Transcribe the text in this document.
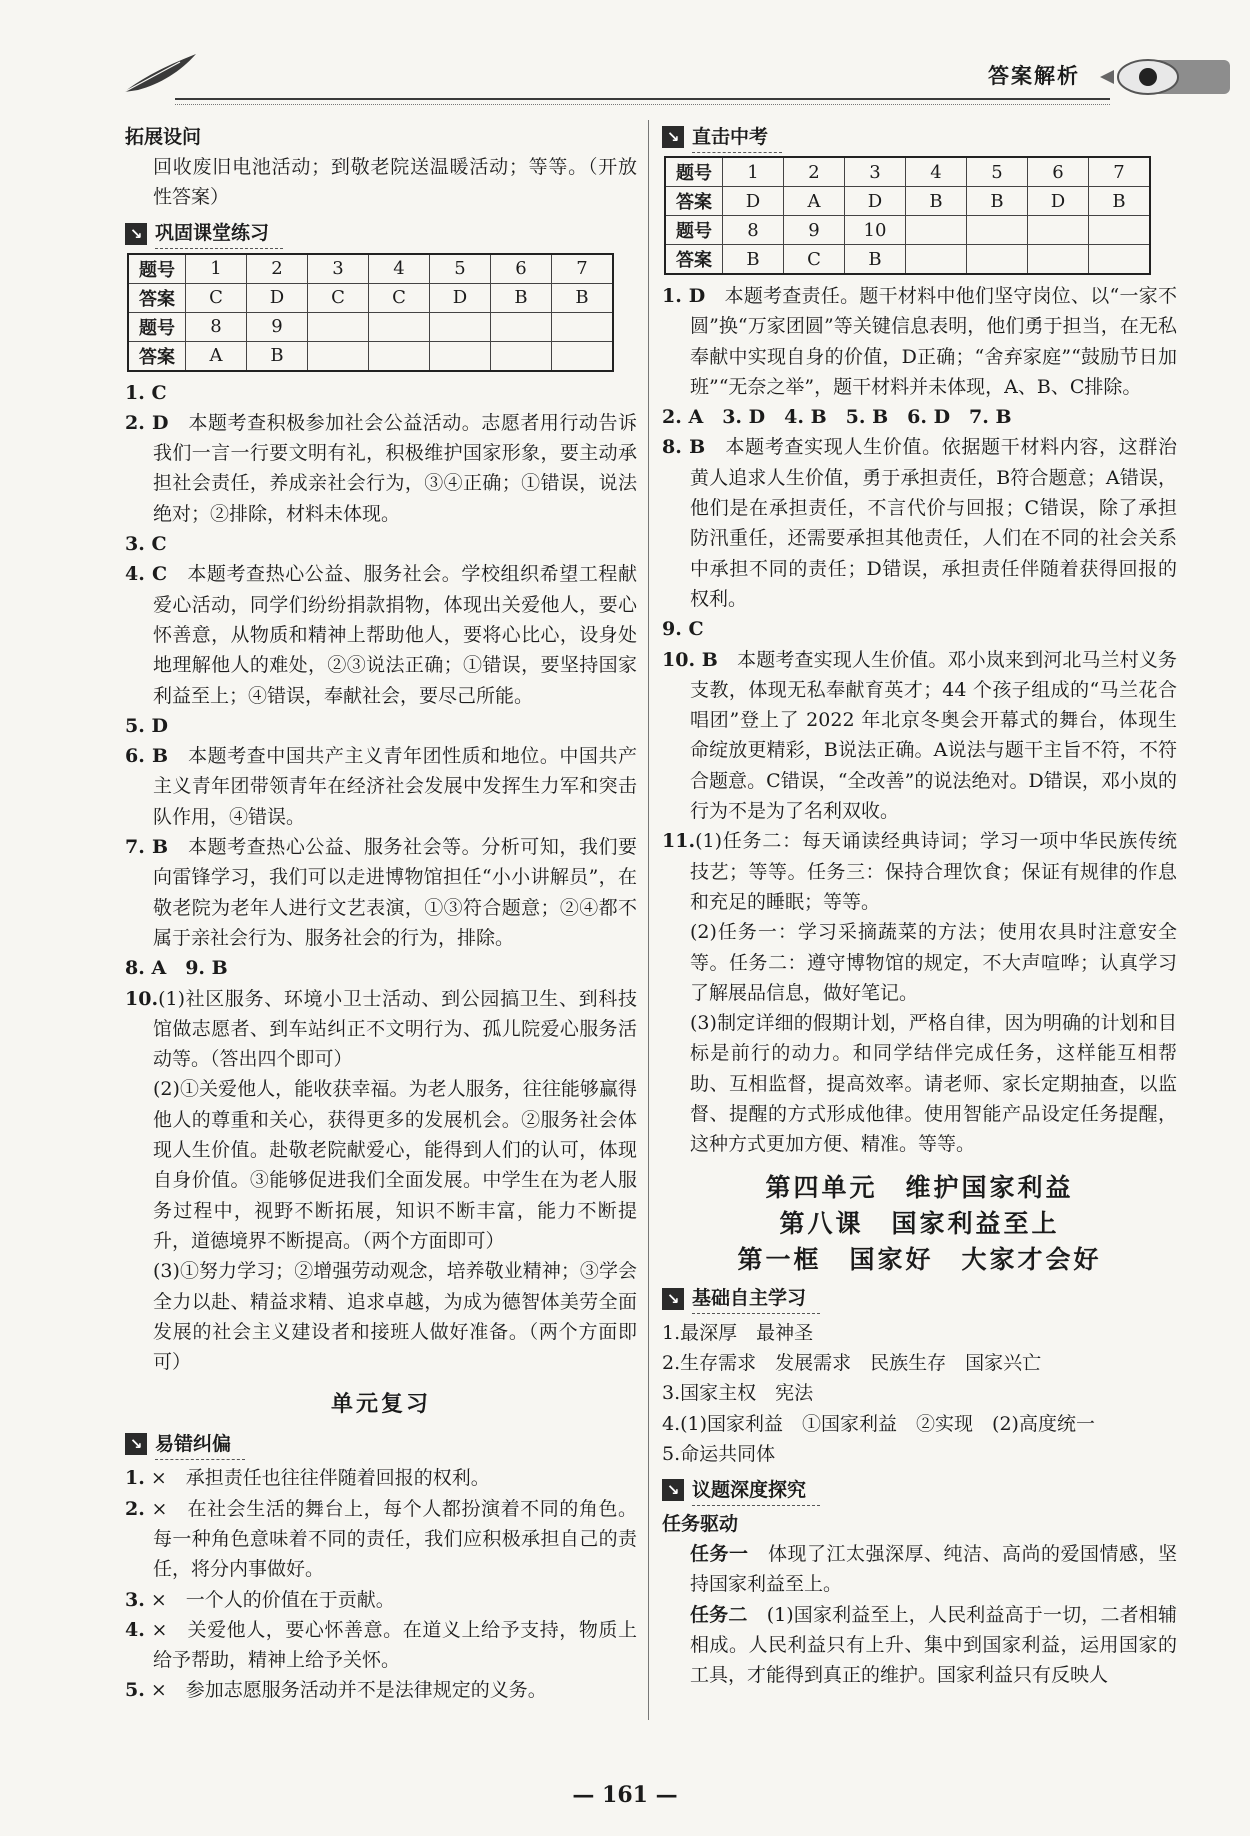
答案解析
拓展设问

回收废旧电池活动；到敬老院送温暖活动；等等。（开放性答案）

↘ 巩固课堂练习
题号	1	2	3	4	5	6	7
答案	C	D	C	C	D	B	B
题号	8	9					
答案	A	B					

1. C

2. D　 本题考查积极参加社会公益活动。志愿者用行动告诉我们一言一行要文明有礼，积极维护国家形象，要主动承担社会责任，养成亲社会行为，③④正确；①错误，说法绝对；②排除，材料未体现。

3. C

4. C　 本题考查热心公益、服务社会。学校组织希望工程献爱心活动，同学们纷纷捐款捐物，体现出关爱他人，要心怀善意，从物质和精神上帮助他人，要将心比心，设身处地理解他人的难处，②③说法正确；①错误，要坚持国家利益至上；④错误，奉献社会，要尽己所能。

5. D

6. B　 本题考查中国共产主义青年团性质和地位。中国共产主义青年团带领青年在经济社会发展中发挥生力军和突击队作用，④错误。

7. B　 本题考查热心公益、服务社会等。分析可知，我们要向雷锋学习，我们可以走进博物馆担任“小小讲解员”，在敬老院为老年人进行文艺表演，①③符合题意；②④都不属于亲社会行为、服务社会的行为，排除。

8. A　9. B

10.(1)社区服务、环境小卫士活动、到公园搞卫生、到科技馆做志愿者、到车站纠正不文明行为、孤儿院爱心服务活动等。（答出四个即可）

(2)①关爱他人，能收获幸福。为老人服务，往往能够赢得他人的尊重和关心，获得更多的发展机会。②服务社会体现人生价值。赴敬老院献爱心，能得到人们的认可，体现自身价值。③能够促进我们全面发展。中学生在为老人服务过程中，视野不断拓展，知识不断丰富，能力不断提升，道德境界不断提高。（两个方面即可）

(3)①努力学习；②增强劳动观念，培养敬业精神；③学会全力以赴、精益求精、追求卓越，为成为德智体美劳全面发展的社会主义建设者和接班人做好准备。（两个方面即可）

单元复习
↘ 易错纠偏

1. ×　承担责任也往往伴随着回报的权利。

2. ×　在社会生活的舞台上，每个人都扮演着不同的角色。每一种角色意味着不同的责任，我们应积极承担自己的责任，将分内事做好。

3. ×　一个人的价值在于贡献。

4. ×　关爱他人，要心怀善意。在道义上给予支持，物质上给予帮助，精神上给予关怀。

5. ×　参加志愿服务活动并不是法律规定的义务。

↘ 直击中考
题号	1	2	3	4	5	6	7
答案	D	A	D	B	B	D	B
题号	8	9	10				
答案	B	C	B				

1. D　 本题考查责任。题干材料中他们坚守岗位、以“一家不圆”换“万家团圆”等关键信息表明，他们勇于担当，在无私奉献中实现自身的价值，D正确；“舍弃家庭”“鼓励节日加班”“无奈之举”，题干材料并未体现，A、B、C排除。

2. A　3. D　4. B　5. B　6. D　7. B

8. B　 本题考查实现人生价值。依据题干材料内容，这群治黄人追求人生价值，勇于承担责任，B符合题意；A错误，他们是在承担责任，不言代价与回报；C错误，除了承担防汛重任，还需要承担其他责任，人们在不同的社会关系中承担不同的责任；D错误，承担责任伴随着获得回报的权利。

9. C

10. B　 本题考查实现人生价值。邓小岚来到河北马兰村义务支教，体现无私奉献育英才；44 个孩子组成的“马兰花合唱团”登上了 2022 年北京冬奥会开幕式的舞台，体现生命绽放更精彩，B说法正确。A说法与题干主旨不符，不符合题意。C错误，“全改善”的说法绝对。D错误，邓小岚的行为不是为了名利双收。

11.(1)任务二：每天诵读经典诗词；学习一项中华民族传统技艺；等等。任务三：保持合理饮食；保证有规律的作息和充足的睡眠；等等。

(2)任务一：学习采摘蔬菜的方法；使用农具时注意安全等。任务二：遵守博物馆的规定，不大声喧哗；认真学习了解展品信息，做好笔记。

(3)制定详细的假期计划，严格自律，因为明确的计划和目标是前行的动力。和同学结伴完成任务，这样能互相帮助、互相监督，提高效率。请老师、家长定期抽查，以监督、提醒的方式形成他律。使用智能产品设定任务提醒，这种方式更加方便、精准。等等。

第四单元　维护国家利益
第八课　国家利益至上
第一框　国家好　大家才会好
↘ 基础自主学习

1.最深厚　最神圣

2.生存需求　发展需求　民族生存　国家兴亡

3.国家主权　宪法

4.(1)国家利益　①国家利益　②实现　(2)高度统一

5.命运共同体

↘ 议题深度探究
任务驱动

任务一　 体现了江太强深厚、纯洁、高尚的爱国情感，坚持国家利益至上。

任务二　 (1)国家利益至上，人民利益高于一切，二者相辅相成。人民利益只有上升、集中到国家利益，运用国家的工具，才能得到真正的维护。国家利益只有反映人

— 161 —
